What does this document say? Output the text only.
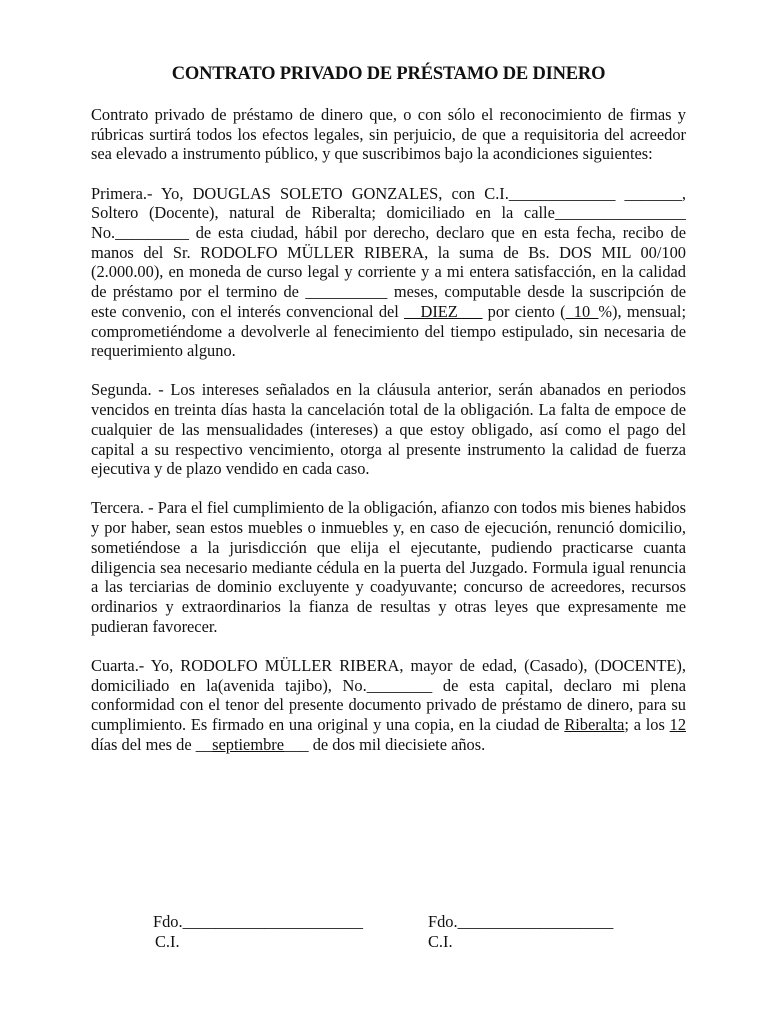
CONTRATO PRIVADO DE PRÉSTAMO DE DINERO

Contrato privado de préstamo de dinero que, o con sólo el reconocimiento de firmas y rúbricas surtirá todos los efectos legales, sin perjuicio, de que a requisitoria del acreedor sea elevado a instrumento público, y que suscribimos bajo la acondiciones siguientes:

Primera.- Yo, DOUGLAS SOLETO GONZALES, con C.I._____________ _______, Soltero (Docente), natural de Riberalta; domiciliado en la calle________________ No._________ de esta ciudad, hábil por derecho, declaro que en esta fecha, recibo de manos del Sr. RODOLFO MÜLLER RIBERA, la suma de Bs. DOS MIL 00/100 (2.000.00), en moneda de curso legal y corriente y a mi entera satisfacción, en la calidad de préstamo por el termino de __________ meses, computable desde la suscripción de este convenio, con el interés convencional del __DIEZ___ por ciento (_10_%), mensual; comprometiéndome a devolverle al fenecimiento del tiempo estipulado, sin necesaria de requerimiento alguno.

Segunda. - Los intereses señalados en la cláusula anterior, serán abanados en periodos vencidos en treinta días hasta la cancelación total de la obligación. La falta de empoce de cualquier de las mensualidades (intereses) a que estoy obligado, así como el pago del capital a su respectivo vencimiento, otorga al presente instrumento la calidad de fuerza ejecutiva y de plazo vendido en cada caso.

Tercera. - Para el fiel cumplimiento de la obligación, afianzo con todos mis bienes habidos y por haber, sean estos muebles o inmuebles y, en caso de ejecución, renunció domicilio, sometiéndose a la jurisdicción que elija el ejecutante, pudiendo practicarse cuanta diligencia sea necesario mediante cédula en la puerta del Juzgado. Formula igual renuncia a las terciarias de dominio excluyente y coadyuvante; concurso de acreedores, recursos ordinarios y extraordinarios la fianza de resultas y otras leyes que expresamente me pudieran favorecer.

Cuarta.- Yo, RODOLFO MÜLLER RIBERA, mayor de edad, (Casado), (DOCENTE), domiciliado en la(avenida tajibo), No.________ de esta capital, declaro mi plena conformidad con el tenor del presente documento privado de préstamo de dinero, para su cumplimiento. Es firmado en una original y una copia, en la ciudad de Riberalta; a los 12 días del mes de __septiembre___ de dos mil diecisiete años.

Fdo.______________________
C.I.
Fdo.___________________
C.I.
